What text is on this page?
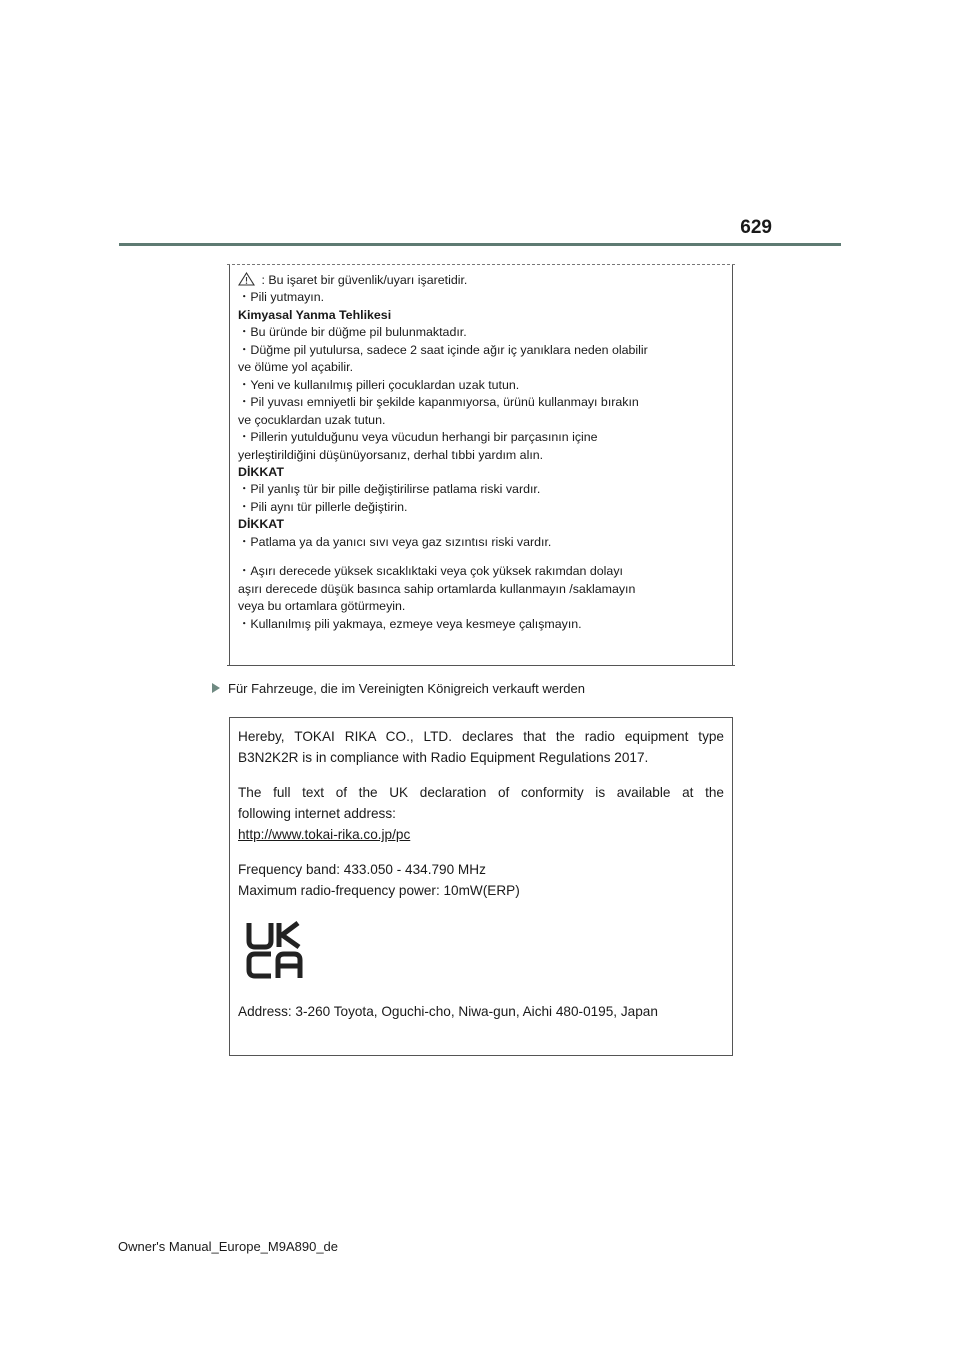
629
: Bu işaret bir güvenlik/uyarı işaretidir.
・Pili yutmayın.
Kimyasal Yanma Tehlikesi
・Bu üründe bir düğme pil bulunmaktadır.
・Düğme pil yutulursa, sadece 2 saat içinde ağır iç yanıklara neden olabilir
ve ölüme yol açabilir.
・Yeni ve kullanılmış pilleri çocuklardan uzak tutun.
・Pil yuvası emniyetli bir şekilde kapanmıyorsa, ürünü kullanmayı bırakın
ve çocuklardan uzak tutun.
・Pillerin yutulduğunu veya vücudun herhangi bir parçasının içine
yerleştirildiğini düşünüyorsanız, derhal tıbbi yardım alın.
DİKKAT
・Pil yanlış tür bir pille değiştirilirse patlama riski vardır.
・Pili aynı tür pillerle değiştirin.
DİKKAT
・Patlama ya da yanıcı sıvı veya gaz sızıntısı riski vardır.
・Aşırı derecede yüksek sıcaklıktaki veya çok yüksek rakımdan dolayı
aşırı derecede düşük basınca sahip ortamlarda kullanmayın /saklamayın
veya bu ortamlara götürmeyin.
・Kullanılmış pili yakmaya, ezmeye veya kesmeye çalışmayın.
Für Fahrzeuge, die im Vereinigten Königreich verkauft werden
Hereby, TOKAI RIKA CO., LTD. declares that the radio equipment type
B3N2K2R is in compliance with Radio Equipment Regulations 2017.
The full text of the UK declaration of conformity is available at the
following internet address:
http://www.tokai-rika.co.jp/pc
Frequency band: 433.050 - 434.790 MHz
Maximum radio-frequency power: 10mW(ERP)
Address: 3-260 Toyota, Oguchi-cho, Niwa-gun, Aichi 480-0195, Japan
Owner's Manual_Europe_M9A890_de
